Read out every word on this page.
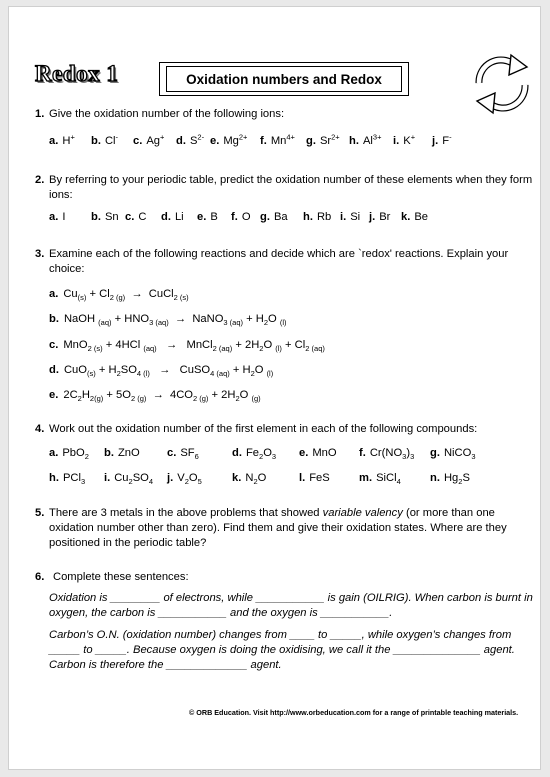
Redox 1	Oxidation numbers and Redox
1. Give the oxidation number of the following ions:
a. H+ b. Cl- c. Ag+ d. $S^{2-}$ e. $Mg^{2+}$ f. $Mn^{4+}$ g. $Sr^{2+}$ h. $Al^{3+}$ i. K+ j. F-
2. By referring to your periodic table, predict the oxidation number of these elements when they form
ions:
a. I b. Sn c. C d. Li e. B f. O g. Ba h. Rb i. Si j. Br k. Be
3. Examine each of the following reactions and decide which are `redox' reactions. Explain your
choice:
a. $Cu_{(s)} + Cl_{2 (g)}$  →  CuCl$_{2 (s)}$
b. NaOH $_{(aq)} + HNO_{3 (aq)}$  →  NaNO$_{3 (aq)}$ + $H_2O$ $_{(l)}$
c. MnO$_{2 (s)}$ + 4HCl $_{(aq)}$   →   MnCl$_{2 (aq)}$ + $2H_2O$ $_{(l)} + Cl_{2 (aq)}$
d. $CuO_{(s)} + H_2SO_{4 (l)}$   →   CuSO$_{4 (aq)}$ + $H_2O$ $_{(l)}$
e. $2C_2H_{2(g)} + 5O_{2 (g)} \to 4CO_{2 (g)} + 2H_2O$ $_{(g)}$
4. Work out the oxidation number of the first element in each of the following compounds:
a. PbO$_2$ b. ZnO c. $SF_6$	d. $Fe_2O_3$ e. MnO f. $Cr(NO_3)_3$ g. NiCO$_3$
h. PCl$_3$ i. $Cu_2SO_4$ j. $V_2O_5$	k. $N_2O$	l. FeS	m. SiCl$_4$	n. $Hg_2S$
5. There are 3 metals in the above problems that showed variable valency (or more than one
oxidation number other than zero). Find them and give their oxidation states. Where are they
positioned in the periodic table?
6. Complete these sentences:
Oxidation is ________ of electrons, while ___________ is gain (OILRIG). When carbon is burnt in
oxygen, the carbon is ___________ and the oxygen is ___________.
Carbon’s O.N. (oxidation number) changes from ____ to _____, while oxygen’s changes from
_____ to _____. Because oxygen is doing the oxidising, we call it the ______________ agent.
Carbon is therefore the _____________ agent.
© ORB Education. Visit http://www.orbeducation.com for a range of printable teaching materials.
